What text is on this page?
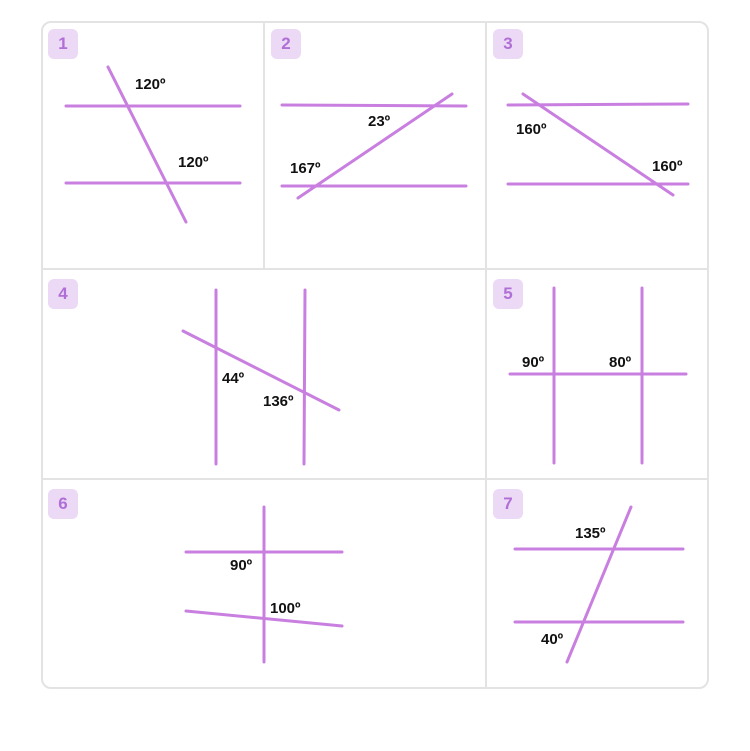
1	2	3
4	5
6	7
120º
120º
23º
167º
160º
160º
44º
136º
90º	80º
90º
100º
135º
40º
